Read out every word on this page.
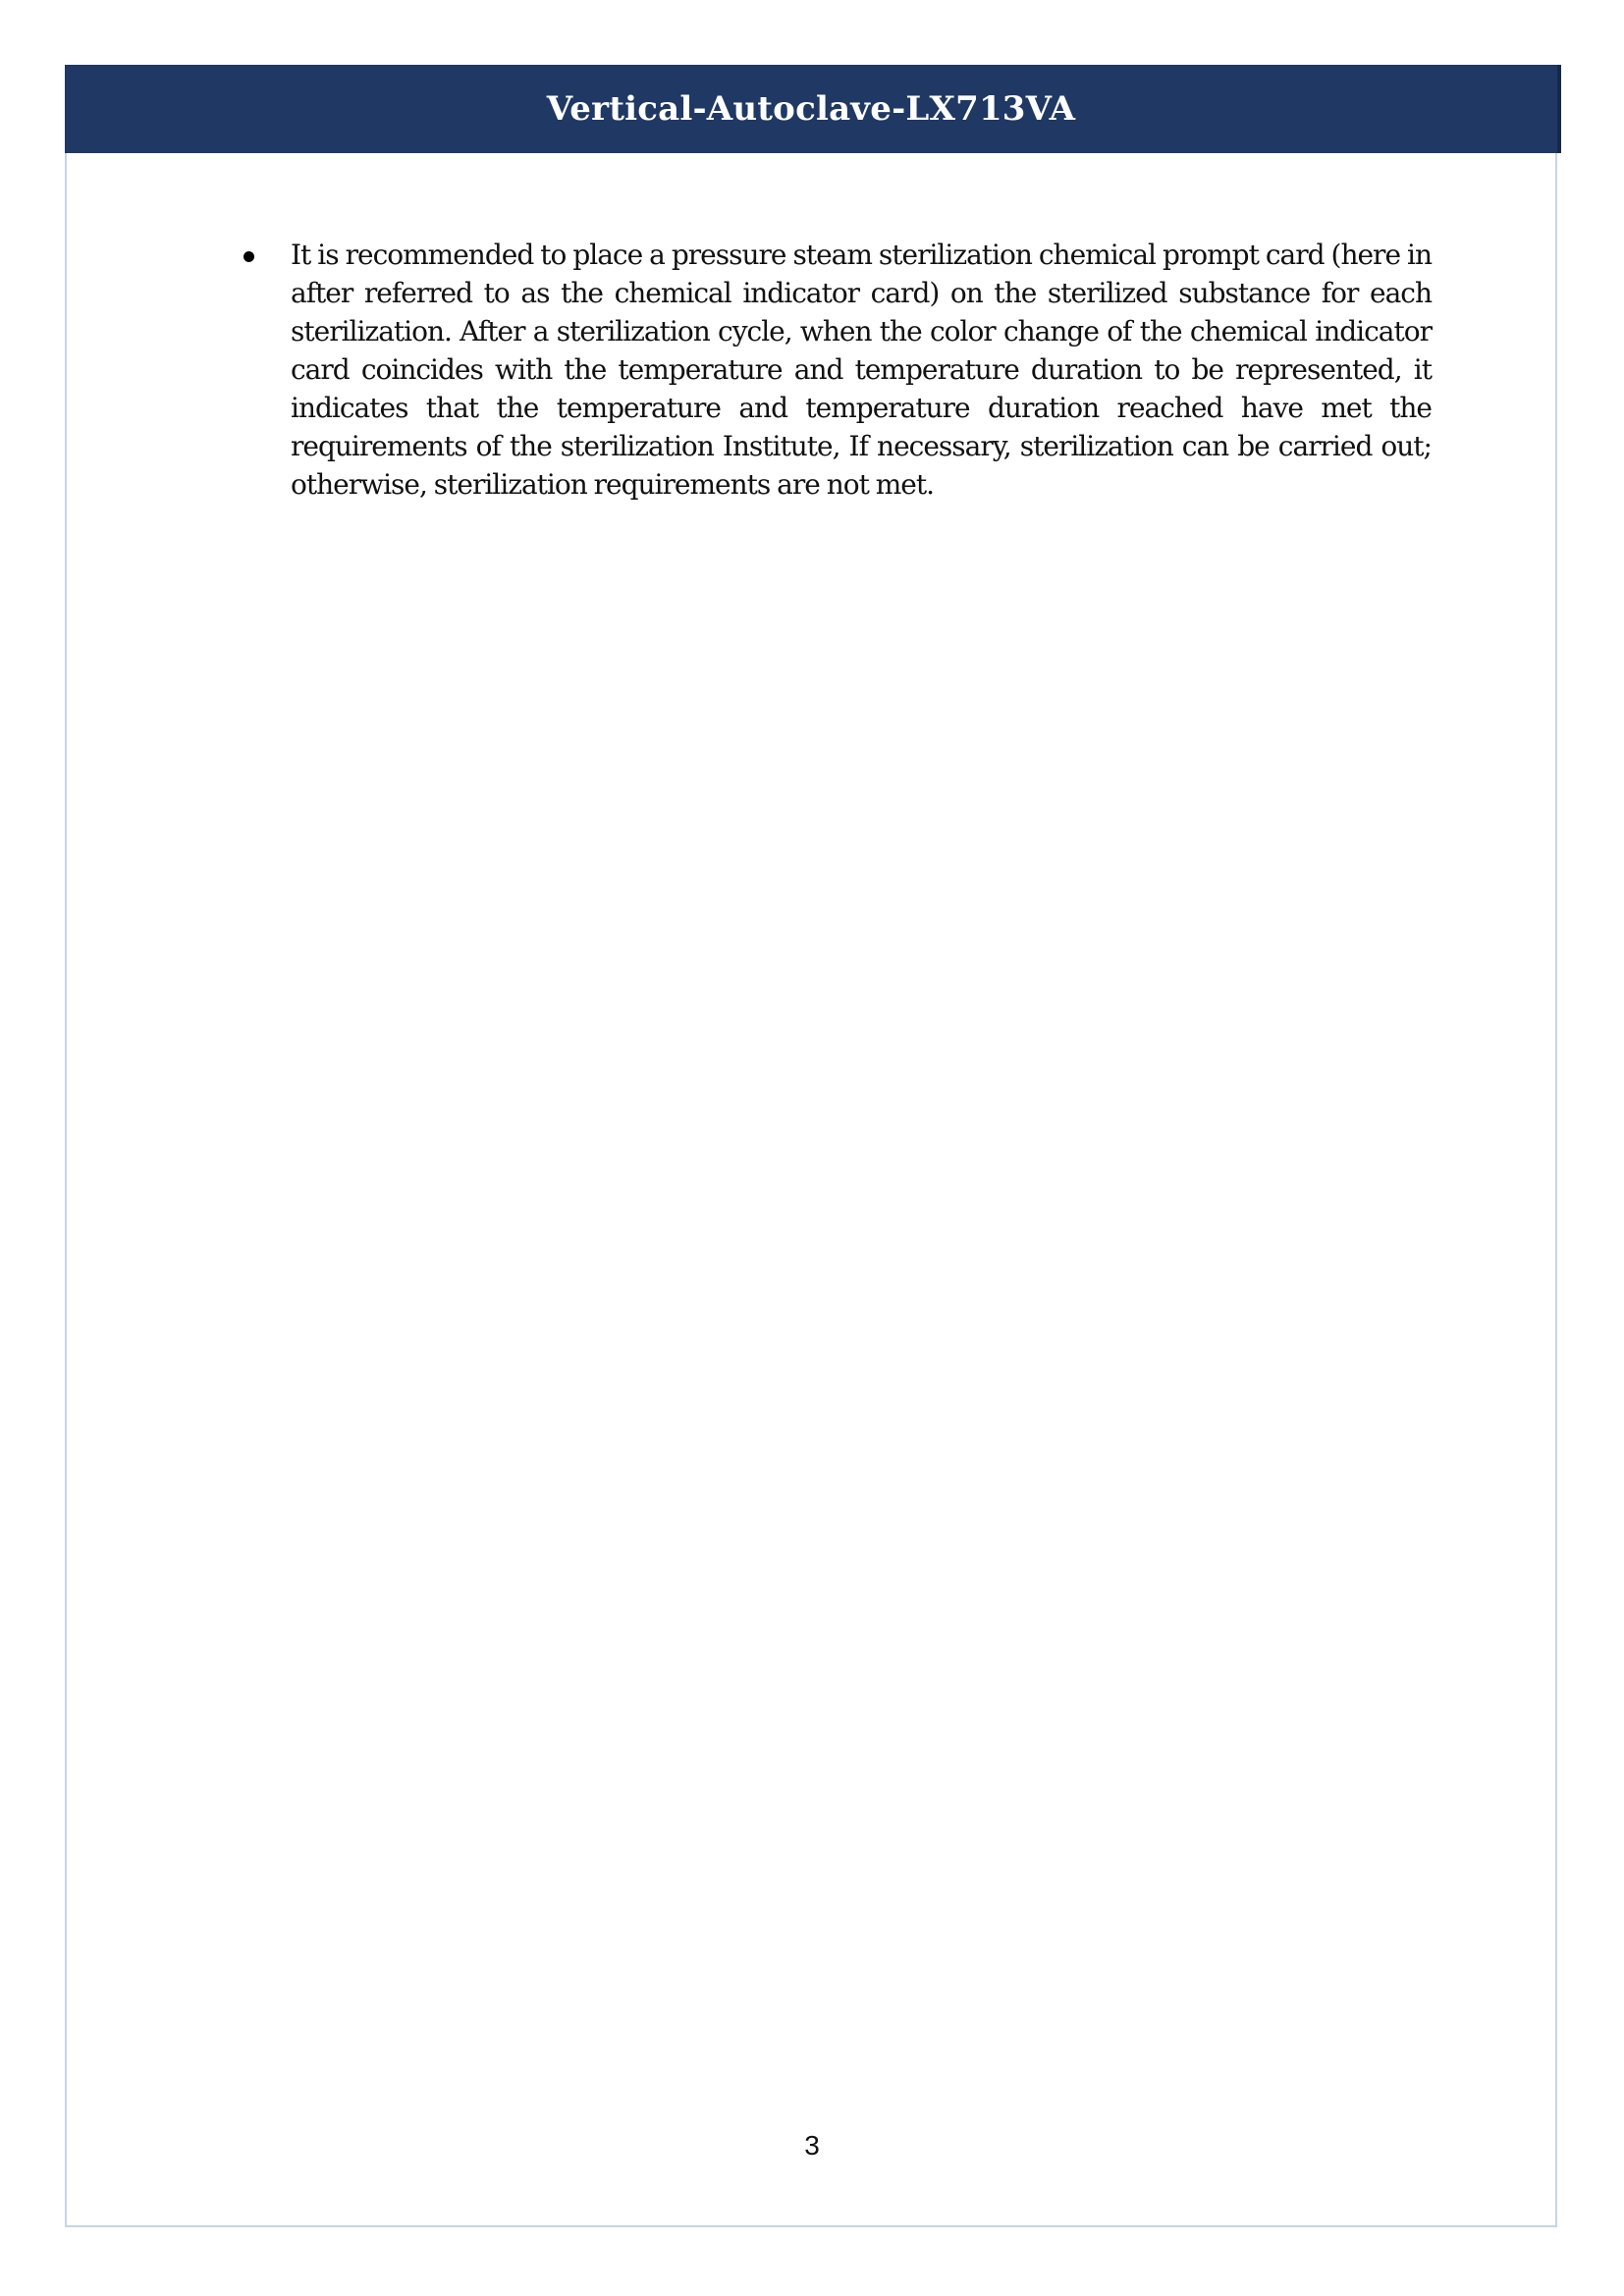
Vertical-Autoclave-LX713VA

It is recommended to place a pressure steam sterilization chemical prompt card (here in after referred to as the chemical indicator card) on the sterilized substance for each sterilization. After a sterilization cycle, when the color change of the chemical indicator card coincides with the temperature and temperature duration to be represented, it indicates that the temperature and temperature duration reached have met the requirements of the sterilization Institute, If necessary, sterilization can be carried out; otherwise, sterilization requirements are not met.

3
